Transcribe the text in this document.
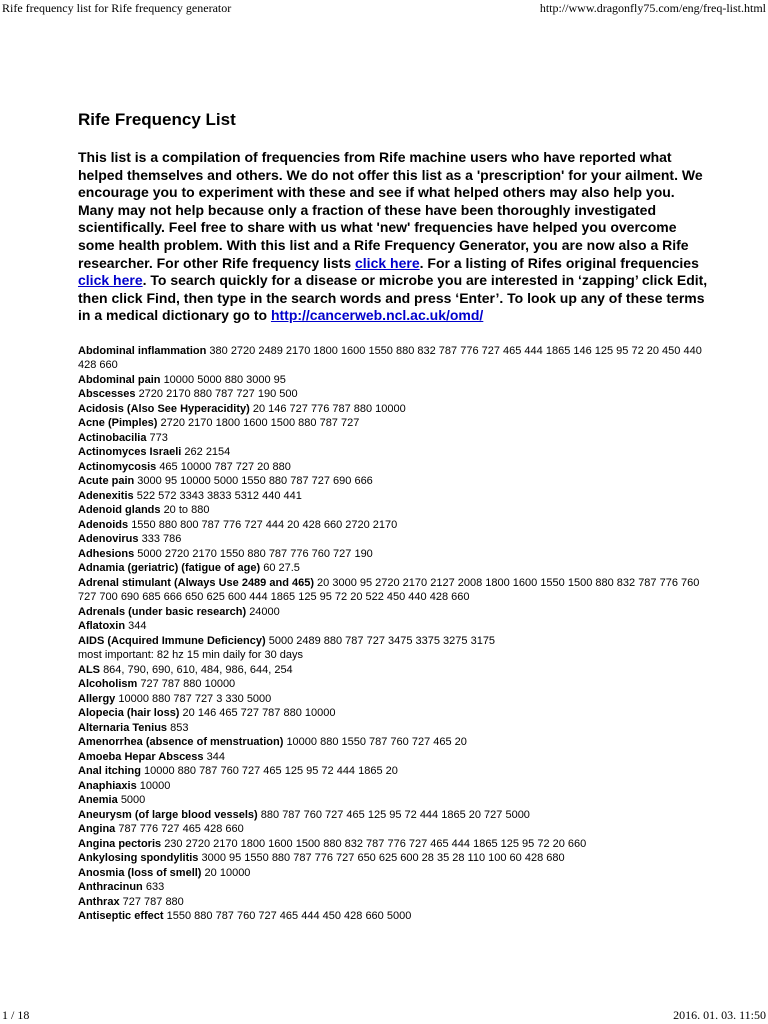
Rife frequency list for Rife frequency generator	http://www.dragonfly75.com/eng/freq-list.html
Rife Frequency List

This list is a compilation of frequencies from Rife machine users who have reported what helped themselves and others. We do not offer this list as a 'prescription' for your ailment. We encourage you to experiment with these and see if what helped others may also help you. Many may not help because only a fraction of these have been thoroughly investigated scientifically. Feel free to share with us what 'new' frequencies have helped you overcome some health problem. With this list and a Rife Frequency Generator, you are now also a Rife researcher. For other Rife frequency lists click here. For a listing of Rifes original frequencies click here. To search quickly for a disease or microbe you are interested in ‘zapping’ click Edit, then click Find, then type in the search words and press ‘Enter’. To look up any of these terms in a medical dictionary go to http://cancerweb.ncl.ac.uk/omd/

Abdominal inflammation 380 2720 2489 2170 1800 1600 1550 880 832 787 776 727 465 444 1865 146 125 95 72 20 450 440 428 660
Abdominal pain 10000 5000 880 3000 95
Abscesses 2720 2170 880 787 727 190 500
Acidosis (Also See Hyperacidity) 20 146 727 776 787 880 10000
Acne (Pimples) 2720 2170 1800 1600 1500 880 787 727
Actinobacilia 773
Actinomyces Israeli 262 2154
Actinomycosis 465 10000 787 727 20 880
Acute pain 3000 95 10000 5000 1550 880 787 727 690 666
Adenexitis 522 572 3343 3833 5312 440 441
Adenoid glands 20 to 880
Adenoids 1550 880 800 787 776 727 444 20 428 660 2720 2170
Adenovirus 333 786
Adhesions 5000 2720 2170 1550 880 787 776 760 727 190
Adnamia (geriatric) (fatigue of age) 60 27.5
Adrenal stimulant (Always Use 2489 and 465) 20 3000 95 2720 2170 2127 2008 1800 1600 1550 1500 880 832 787 776 760 727 700 690 685 666 650 625 600 444 1865 125 95 72 20 522 450 440 428 660
Adrenals (under basic research) 24000
Aflatoxin 344
AIDS (Acquired Immune Deficiency) 5000 2489 880 787 727 3475 3375 3275 3175
most important: 82 hz 15 min daily for 30 days
ALS 864, 790, 690, 610, 484, 986, 644, 254
Alcoholism 727 787 880 10000
Allergy 10000 880 787 727 3 330 5000
Alopecia (hair loss) 20 146 465 727 787 880 10000
Alternaria Tenius 853
Amenorrhea (absence of menstruation) 10000 880 1550 787 760 727 465 20
Amoeba Hepar Abscess 344
Anal itching 10000 880 787 760 727 465 125 95 72 444 1865 20
Anaphiaxis 10000
Anemia 5000
Aneurysm (of large blood vessels) 880 787 760 727 465 125 95 72 444 1865 20 727 5000
Angina 787 776 727 465 428 660
Angina pectoris 230 2720 2170 1800 1600 1500 880 832 787 776 727 465 444 1865 125 95 72 20 660
Ankylosing spondylitis 3000 95 1550 880 787 776 727 650 625 600 28 35 28 110 100 60 428 680
Anosmia (loss of smell) 20 10000
Anthracinun 633
Anthrax 727 787 880
Antiseptic effect 1550 880 787 760 727 465 444 450 428 660 5000
1 / 18	2016. 01. 03. 11:50
